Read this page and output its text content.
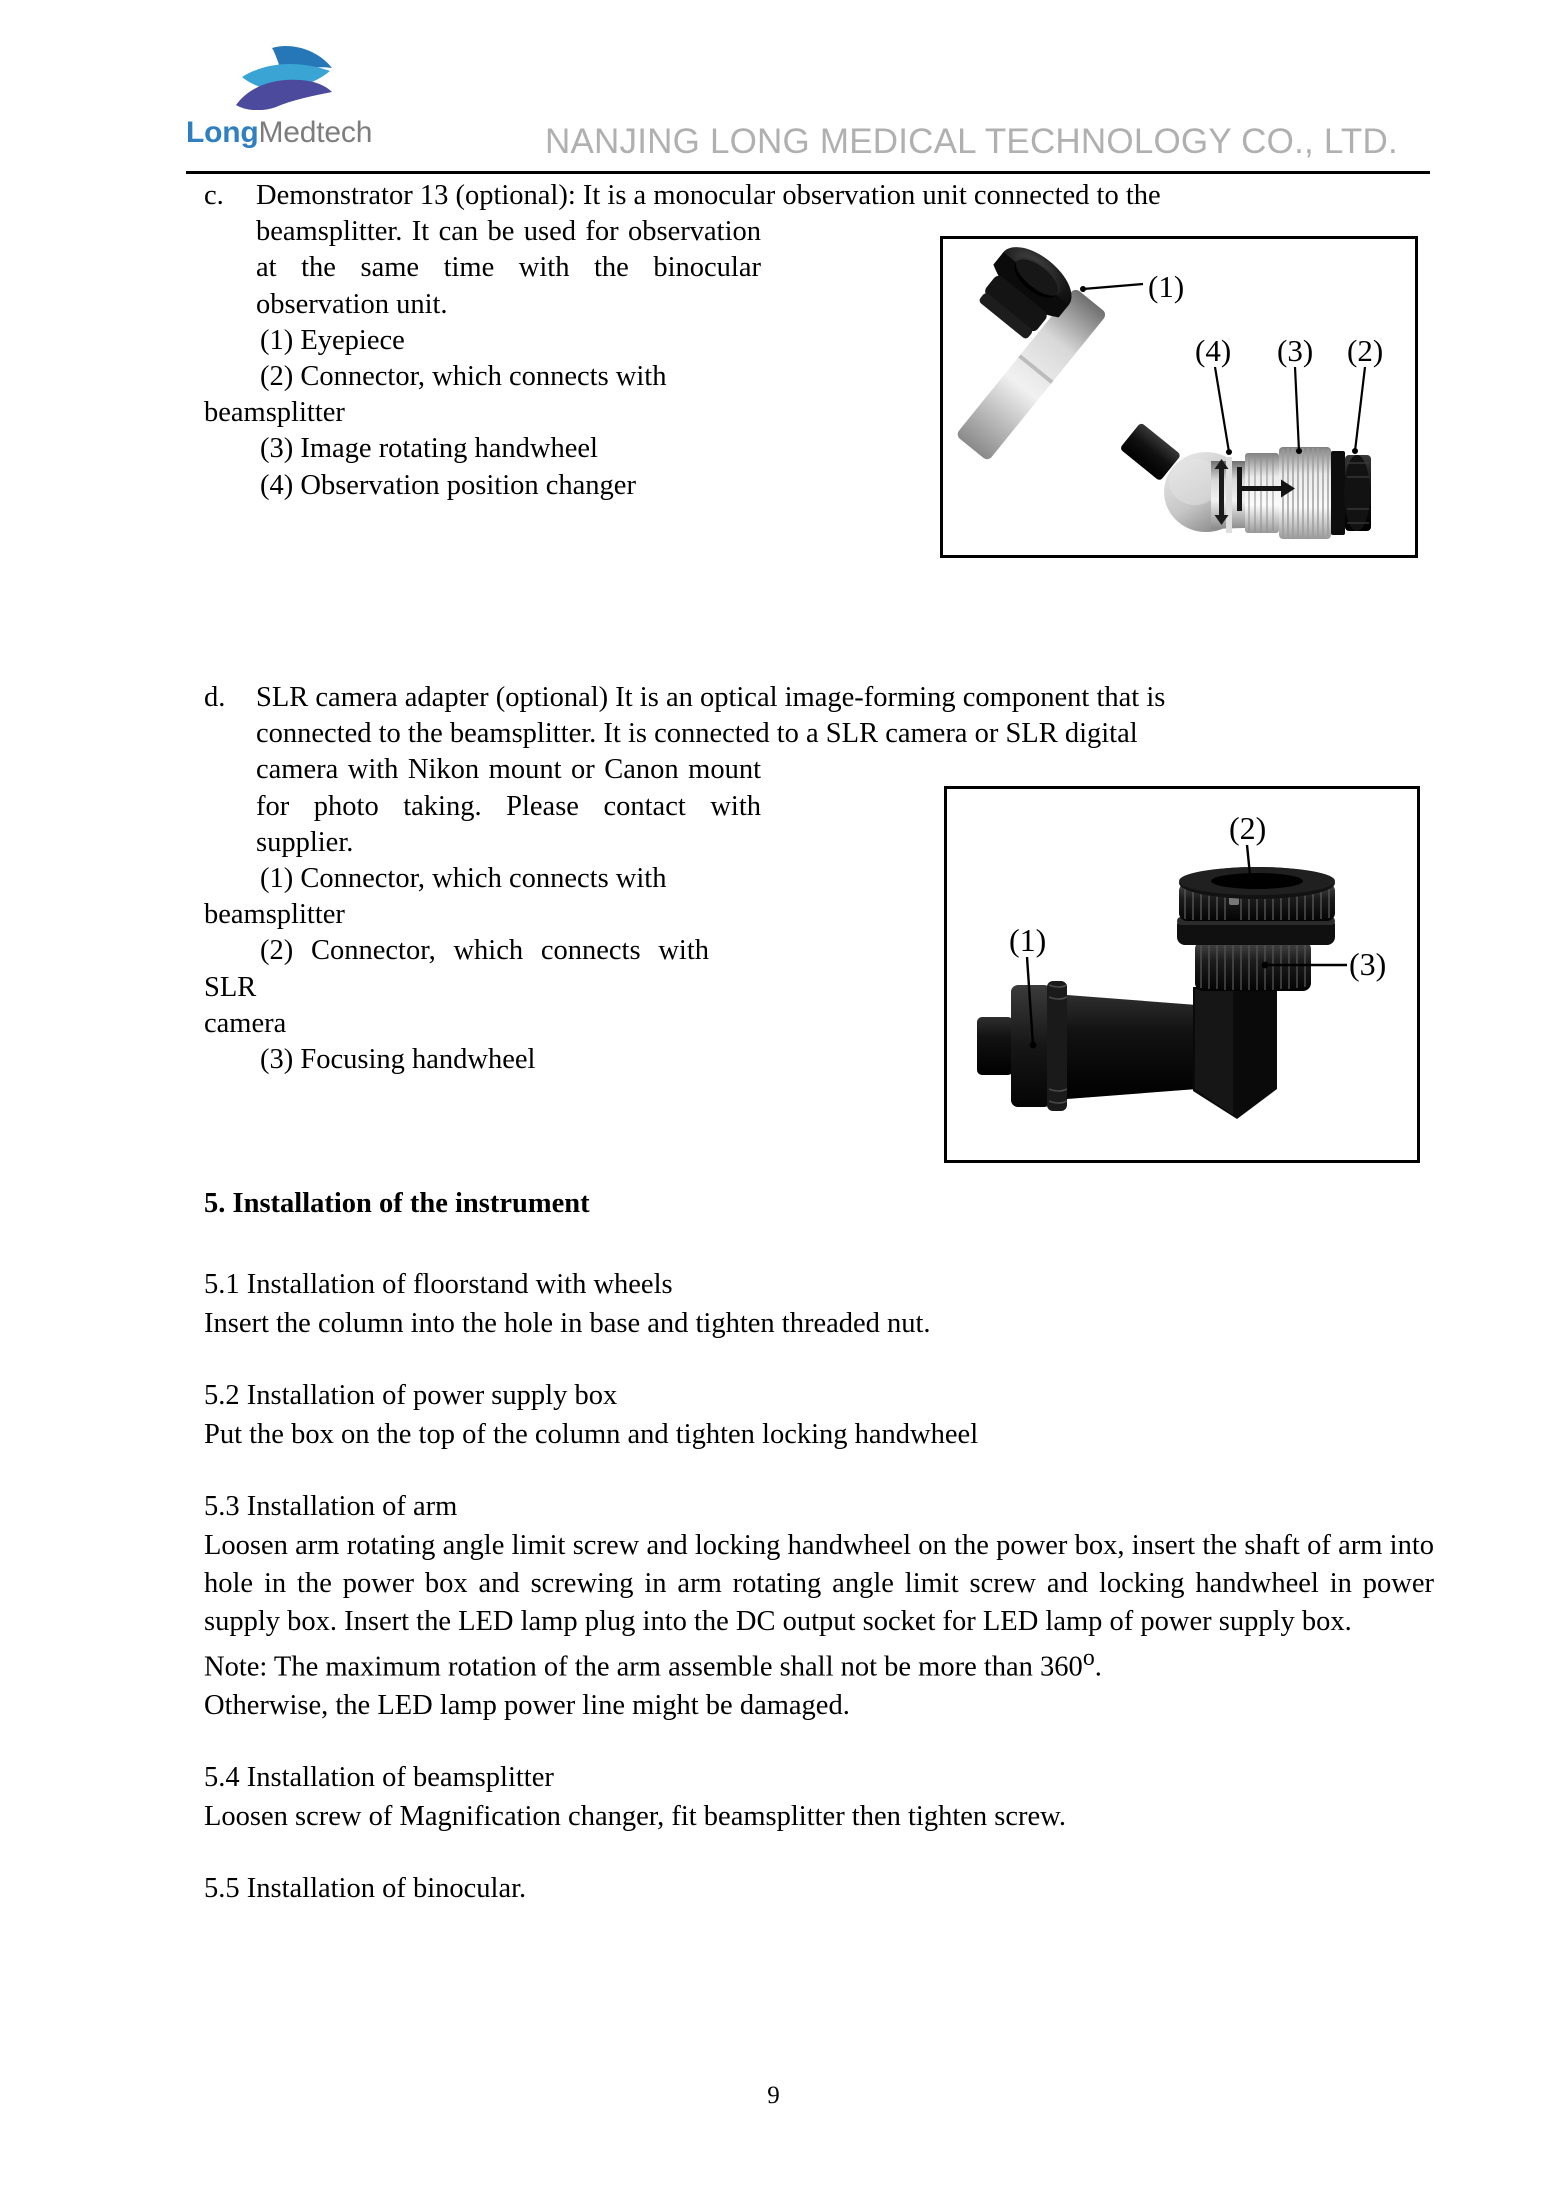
LongMedtech	NANJING LONG MEDICAL TECHNOLOGY CO., LTD.
(1)
(4) (3) (2)
(1)
(2)
(3)
c.	Demonstrator 13 (optional): It is a monocular observation unit connected to the
beamsplitter. It can be used for observation at the same time with the binocular observation unit.
(1) Eyepiece
(2) Connector, which connects with
beamsplitter
(3) Image rotating handwheel
(4) Observation position changer
d.	SLR camera adapter (optional) It is an optical image-forming component that is
connected to the beamsplitter. It is connected to a SLR camera or SLR digital
camera with Nikon mount or Canon mount for photo taking. Please contact with supplier.
(1) Connector, which connects with
beamsplitter
(2) Connector, which connects with SLR
camera
(3) Focusing handwheel
5. Installation of the instrument
5.1 Installation of floorstand with wheels
Insert the column into the hole in base and tighten threaded nut.
5.2 Installation of power supply box
Put the box on the top of the column and tighten locking handwheel
5.3 Installation of arm
Loosen arm rotating angle limit screw and locking handwheel on the power box, insert the shaft of arm into hole in the power box and screwing in arm rotating angle limit screw and locking handwheel in power supply box. Insert the LED lamp plug into the DC output socket for LED lamp of power supply box.
Note: The maximum rotation of the arm assemble shall not be more than 360$^o$.
Otherwise, the LED lamp power line might be damaged.
5.4 Installation of beamsplitter
Loosen screw of Magnification changer, fit beamsplitter then tighten screw.
5.5 Installation of binocular.
9
